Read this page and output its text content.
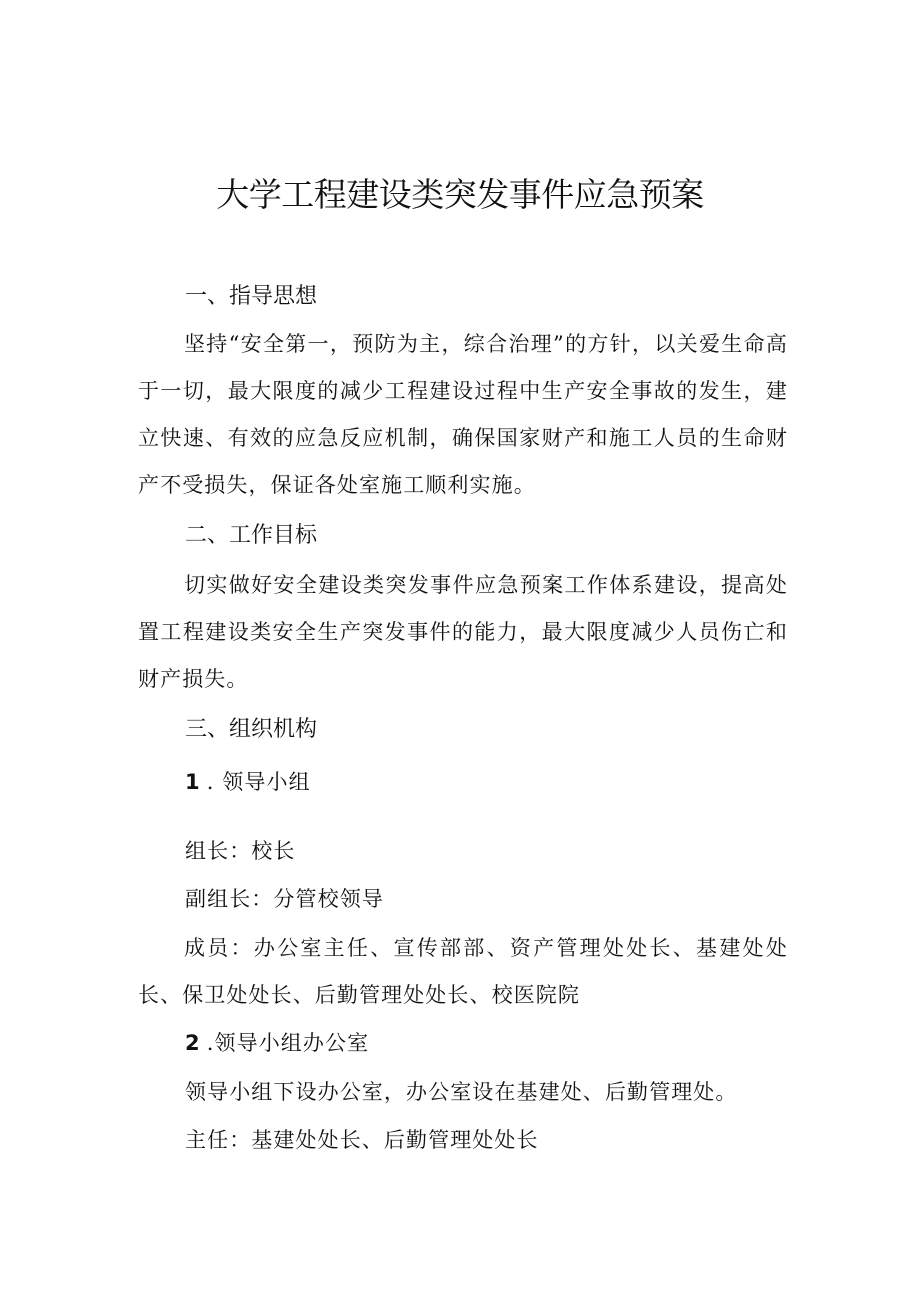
大学工程建设类突发事件应急预案
一、指导思想
坚持“安全第一，预防为主，综合治理”的方针，以关爱生命高于一切，最大限度的减少工程建设过程中生产安全事故的发生，建立快速、有效的应急反应机制，确保国家财产和施工人员的生命财产不受损失，保证各处室施工顺利实施。
二、工作目标
切实做好安全建设类突发事件应急预案工作体系建设，提高处置工程建设类安全生产突发事件的能力，最大限度减少人员伤亡和财产损失。
三、组织机构
1 . 领导小组
组长：校长
副组长：分管校领导
成员：办公室主任、宣传部部、资产管理处处长、基建处处长、保卫处处长、后勤管理处处长、校医院院
2 .领导小组办公室
领导小组下设办公室，办公室设在基建处、后勤管理处。
主任：基建处处长、后勤管理处处长
